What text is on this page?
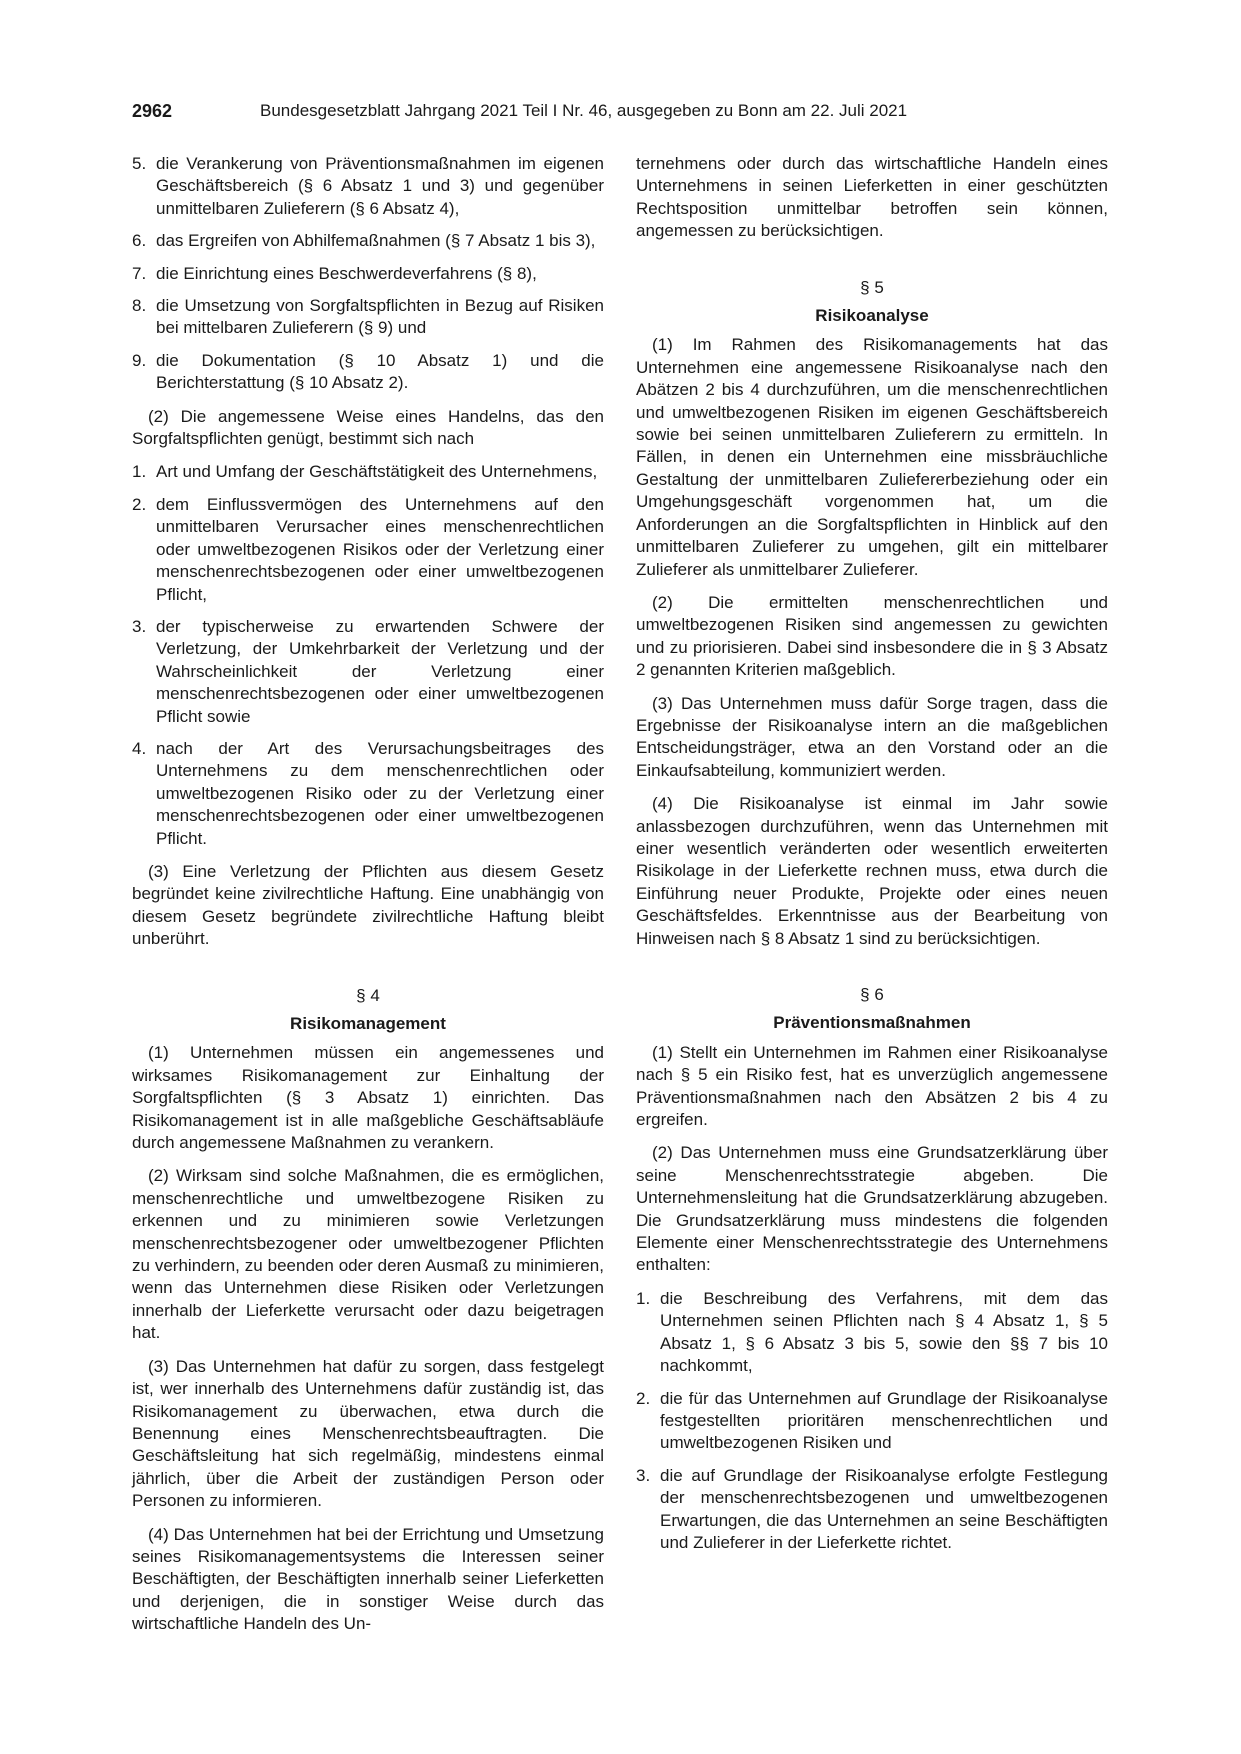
2962	Bundesgesetzblatt Jahrgang 2021 Teil I Nr. 46, ausgegeben zu Bonn am 22. Juli 2021
5. die Verankerung von Präventionsmaßnahmen im eigenen Geschäftsbereich (§ 6 Absatz 1 und 3) und gegenüber unmittelbaren Zulieferern (§ 6 Absatz 4),
6. das Ergreifen von Abhilfemaßnahmen (§ 7 Absatz 1 bis 3),
7. die Einrichtung eines Beschwerdeverfahrens (§ 8),
8. die Umsetzung von Sorgfaltspflichten in Bezug auf Risiken bei mittelbaren Zulieferern (§ 9) und
9. die Dokumentation (§ 10 Absatz 1) und die Berichterstattung (§ 10 Absatz 2).

(2) Die angemessene Weise eines Handelns, das den Sorgfaltspflichten genügt, bestimmt sich nach

1. Art und Umfang der Geschäftstätigkeit des Unternehmens,
2. dem Einflussvermögen des Unternehmens auf den unmittelbaren Verursacher eines menschenrechtlichen oder umweltbezogenen Risikos oder der Verletzung einer menschenrechtsbezogenen oder einer umweltbezogenen Pflicht,
3. der typischerweise zu erwartenden Schwere der Verletzung, der Umkehrbarkeit der Verletzung und der Wahrscheinlichkeit der Verletzung einer menschenrechtsbezogenen oder einer umweltbezogenen Pflicht sowie
4. nach der Art des Verursachungsbeitrages des Unternehmens zu dem menschenrechtlichen oder umweltbezogenen Risiko oder zu der Verletzung einer menschenrechtsbezogenen oder einer umweltbezogenen Pflicht.

(3) Eine Verletzung der Pflichten aus diesem Gesetz begründet keine zivilrechtliche Haftung. Eine unabhängig von diesem Gesetz begründete zivilrechtliche Haftung bleibt unberührt.

§ 4
Risikomanagement

(1) Unternehmen müssen ein angemessenes und wirksames Risikomanagement zur Einhaltung der Sorgfaltspflichten (§ 3 Absatz 1) einrichten. Das Risikomanagement ist in alle maßgebliche Geschäftsabläufe durch angemessene Maßnahmen zu verankern.

(2) Wirksam sind solche Maßnahmen, die es ermöglichen, menschenrechtliche und umweltbezogene Risiken zu erkennen und zu minimieren sowie Verletzungen menschenrechtsbezogener oder umweltbezogener Pflichten zu verhindern, zu beenden oder deren Ausmaß zu minimieren, wenn das Unternehmen diese Risiken oder Verletzungen innerhalb der Lieferkette verursacht oder dazu beigetragen hat.

(3) Das Unternehmen hat dafür zu sorgen, dass festgelegt ist, wer innerhalb des Unternehmens dafür zuständig ist, das Risikomanagement zu überwachen, etwa durch die Benennung eines Menschenrechtsbeauftragten. Die Geschäftsleitung hat sich regelmäßig, mindestens einmal jährlich, über die Arbeit der zuständigen Person oder Personen zu informieren.

(4) Das Unternehmen hat bei der Errichtung und Umsetzung seines Risikomanagementsystems die Interessen seiner Beschäftigten, der Beschäftigten innerhalb seiner Lieferketten und derjenigen, die in sonstiger Weise durch das wirtschaftliche Handeln des Un-

ternehmens oder durch das wirtschaftliche Handeln eines Unternehmens in seinen Lieferketten in einer geschützten Rechtsposition unmittelbar betroffen sein können, angemessen zu berücksichtigen.

§ 5
Risikoanalyse

(1) Im Rahmen des Risikomanagements hat das Unternehmen eine angemessene Risikoanalyse nach den Abätzen 2 bis 4 durchzuführen, um die menschenrechtlichen und umweltbezogenen Risiken im eigenen Geschäftsbereich sowie bei seinen unmittelbaren Zulieferern zu ermitteln. In Fällen, in denen ein Unternehmen eine missbräuchliche Gestaltung der unmittelbaren Zuliefererbeziehung oder ein Umgehungsgeschäft vorgenommen hat, um die Anforderungen an die Sorgfaltspflichten in Hinblick auf den unmittelbaren Zulieferer zu umgehen, gilt ein mittelbarer Zulieferer als unmittelbarer Zulieferer.

(2) Die ermittelten menschenrechtlichen und umweltbezogenen Risiken sind angemessen zu gewichten und zu priorisieren. Dabei sind insbesondere die in § 3 Absatz 2 genannten Kriterien maßgeblich.

(3) Das Unternehmen muss dafür Sorge tragen, dass die Ergebnisse der Risikoanalyse intern an die maßgeblichen Entscheidungsträger, etwa an den Vorstand oder an die Einkaufsabteilung, kommuniziert werden.

(4) Die Risikoanalyse ist einmal im Jahr sowie anlassbezogen durchzuführen, wenn das Unternehmen mit einer wesentlich veränderten oder wesentlich erweiterten Risikolage in der Lieferkette rechnen muss, etwa durch die Einführung neuer Produkte, Projekte oder eines neuen Geschäftsfeldes. Erkenntnisse aus der Bearbeitung von Hinweisen nach § 8 Absatz 1 sind zu berücksichtigen.

§ 6
Präventionsmaßnahmen

(1) Stellt ein Unternehmen im Rahmen einer Risikoanalyse nach § 5 ein Risiko fest, hat es unverzüglich angemessene Präventionsmaßnahmen nach den Absätzen 2 bis 4 zu ergreifen.

(2) Das Unternehmen muss eine Grundsatzerklärung über seine Menschenrechtsstrategie abgeben. Die Unternehmensleitung hat die Grundsatzerklärung abzugeben. Die Grundsatzerklärung muss mindestens die folgenden Elemente einer Menschenrechtsstrategie des Unternehmens enthalten:

1. die Beschreibung des Verfahrens, mit dem das Unternehmen seinen Pflichten nach § 4 Absatz 1, § 5 Absatz 1, § 6 Absatz 3 bis 5, sowie den §§ 7 bis 10 nachkommt,
2. die für das Unternehmen auf Grundlage der Risikoanalyse festgestellten prioritären menschenrechtlichen und umweltbezogenen Risiken und
3. die auf Grundlage der Risikoanalyse erfolgte Festlegung der menschenrechtsbezogenen und umweltbezogenen Erwartungen, die das Unternehmen an seine Beschäftigten und Zulieferer in der Lieferkette richtet.
